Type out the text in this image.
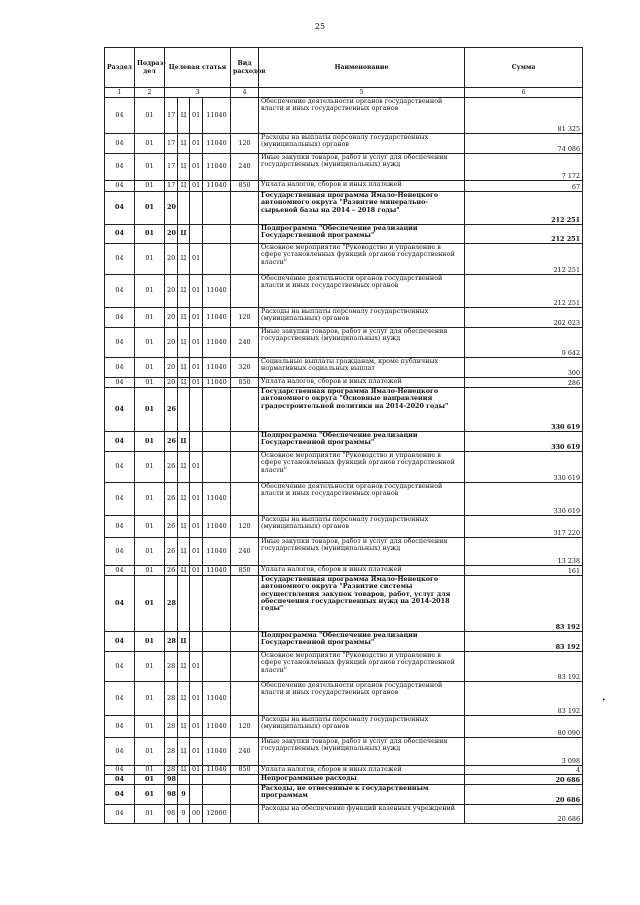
25
Раздел	Подраз-дел	Целевая статья				Вид расходов	Наименование	Сумма
1	2	3				4	5	6
04	01	17	Ц	01	11040		Обеспечение деятельности органов государственной власти и иных государственных органов	81 325
04	01	17	Ц	01	11040	120	Расходы на выплаты персоналу государственных (муниципальных) органов	74 086
04	01	17	Ц	01	11040	240	Иные закупки товаров, работ и услуг для обеспечения государственных (муниципальных) нужд	7 172
04	01	17	Ц	01	11040	850	Уплата налогов, сборов и иных платежей	67
04	01	20					Государственная программа Ямало-Ненецкого автономного округа "Развитие минерально-сырьевой базы на 2014 – 2018 годы"	212 251
04	01	20	Ц				Подпрограмма "Обеспечение реализации Государственной программы"	212 251
04	01	20	Ц	01			Основное мероприятие "Руководство и управление в сфере установленных функций органов государственной власти"	212 251
04	01	20	Ц	01	11040		Обеспечение деятельности органов государственной власти и иных государственных органов	212 251
04	01	20	Ц	01	11040	120	Расходы на выплаты персоналу государственных (муниципальных) органов	202 023
04	01	20	Ц	01	11040	240	Иные закупки товаров, работ и услуг для обеспечения государственных (муниципальных) нужд	9 642
04	01	20	Ц	01	11040	320	Социальные выплаты гражданам, кроме публичных нормативных социальных выплат	300
04	01	20	Ц	01	11040	850	Уплата налогов, сборов и иных платежей	286
04	01	26					Государственная программа Ямало-Ненецкого автономного округа "Основные направления градостроительной политики на 2014-2020 годы"	330 619
04	01	26	Ц				Подпрограмма "Обеспечение реализации Государственной программы"	330 619
04	01	26	Ц	01			Основное мероприятие "Руководство и управление в сфере установленных функций органов государственной власти"	330 619
04	01	26	Ц	01	11040		Обеспечение деятельности органов государственной власти и иных государственных органов	330 619
04	01	26	Ц	01	11040	120	Расходы на выплаты персоналу государственных (муниципальных) органов	317 220
04	01	26	Ц	01	11040	240	Иные закупки товаров, работ и услуг для обеспечения государственных (муниципальных) нужд	13 238
04	01	26	Ц	01	11040	850	Уплата налогов, сборов и иных платежей	161
04	01	28					Государственная программа Ямало-Ненецкого автономного округа "Развитие системы осуществления закупок товаров, работ, услуг для обеспечения государственных нужд на 2014-2018 годы"	83 192
04	01	28	Ц				Подпрограмма "Обеспечение реализации Государственной программы"	83 192
04	01	28	Ц	01			Основное мероприятие "Руководство и управление в сфере установленных функций органов государственной власти"	83 192
04	01	28	Ц	01	11040		Обеспечение деятельности органов государственной власти и иных государственных органов	83 192
04	01	28	Ц	01	11040	120	Расходы на выплаты персоналу государственных (муниципальных) органов	80 090
04	01	28	Ц	01	11040	240	Иные закупки товаров, работ и услуг для обеспечения государственных (муниципальных) нужд	3 098
04	01	28	Ц	01	11040	850	Уплата налогов, сборов и иных платежей	4
04	01	98					Непрограммные расходы	20 686
04	01	98	9				Расходы, не отнесенные к государственным программам	20 686
04	01	98	9	00	12000		Расходы на обеспечение функций казенных учреждений	20 686
•
